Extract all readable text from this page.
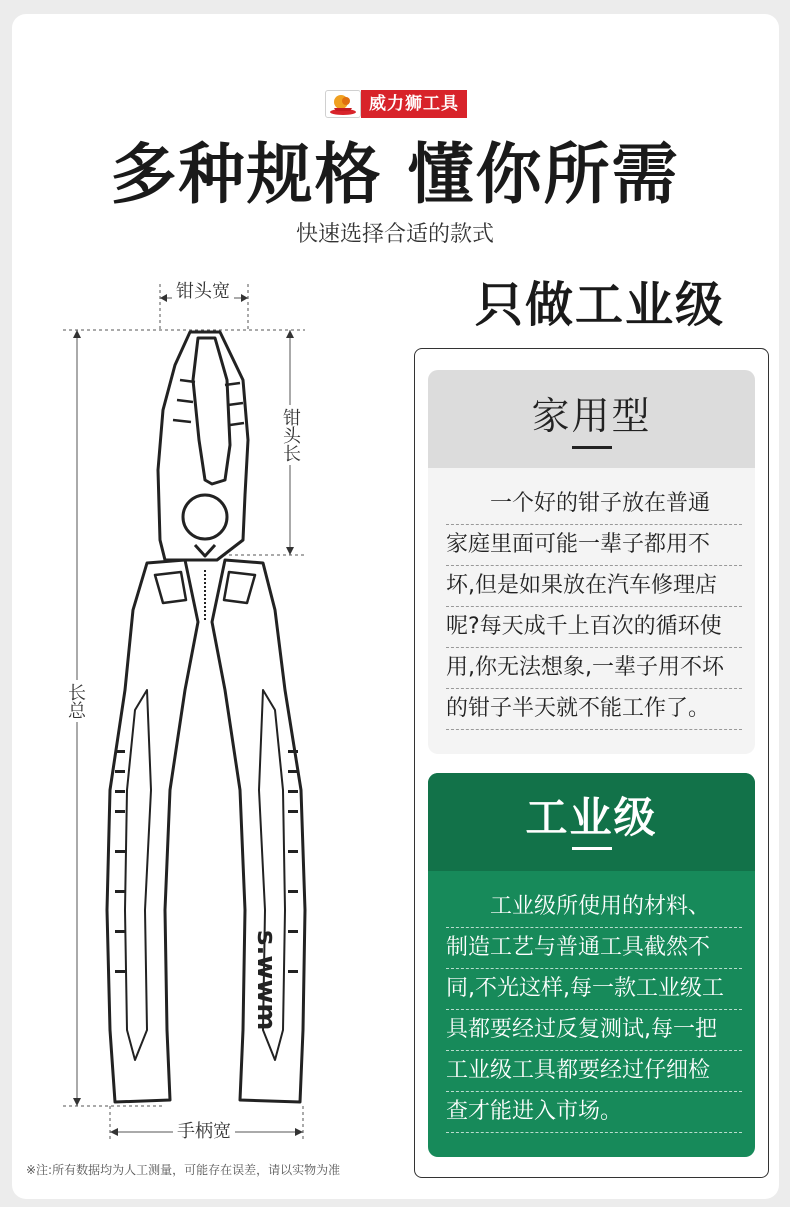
威力狮工具
多种规格 懂你所需
快速选择合适的款式
s.wwm
钳头宽
钳头长
长总
手柄宽
只做工业级
家用型
　　一个好的钳子放在普通
家庭里面可能一辈子都用不
坏,但是如果放在汽车修理店
呢?每天成千上百次的循环使
用,你无法想象,一辈子用不坏
的钳子半天就不能工作了。
工业级
　　工业级所使用的材料、
制造工艺与普通工具截然不
同,不光这样,每一款工业级工
具都要经过反复测试,每一把
工业级工具都要经过仔细检
查才能进入市场。
※注:所有数据均为人工测量，可能存在误差，请以实物为准
